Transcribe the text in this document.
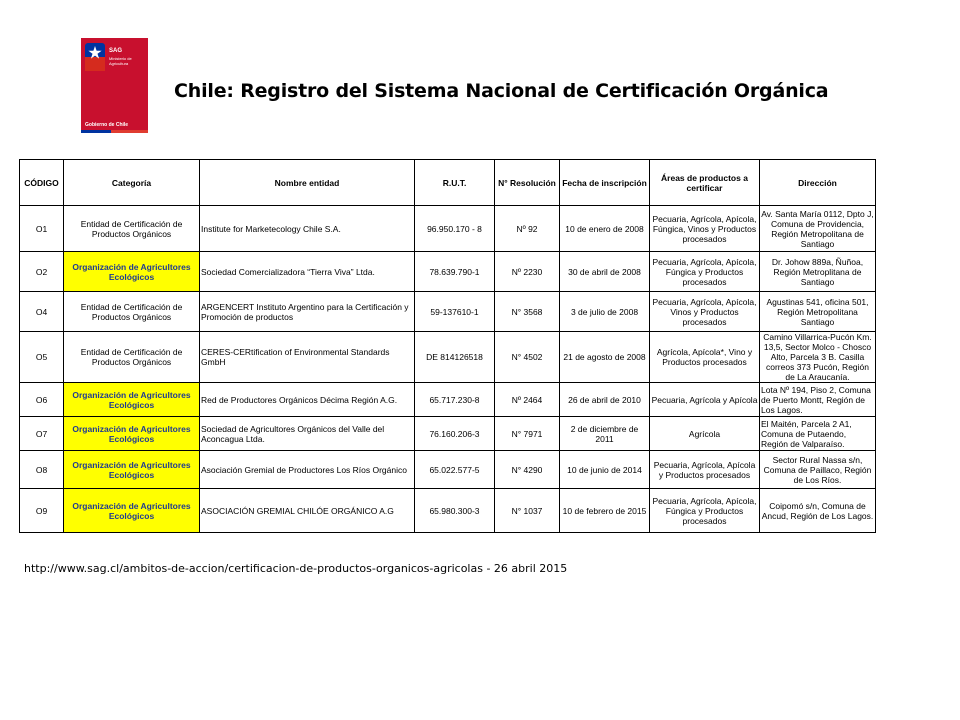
SAG
Ministerio de Agricultura
Gobierno de Chile
Chile: Registro del Sistema Nacional de Certificación Orgánica
CÓDIGO	Categoría	Nombre entidad	R.U.T.	N° Resolución	Fecha de inscripción	Áreas de productos a certificar	Dirección
O1	Entidad de Certificación de Productos Orgánicos	Institute for Marketecology Chile S.A.	96.950.170 - 8	Nº 92	10 de enero de 2008	Pecuaria, Agrícola, Apícola, Fúngica, Vinos y Productos procesados	Av. Santa María 0112, Dpto J, Comuna de Providencia, Región Metropolitana de Santiago
O2	Organización de Agricultores Ecológicos	Sociedad Comercializadora “Tierra Viva” Ltda.	78.639.790-1	Nº 2230	30 de abril de 2008	Pecuaria, Agrícola, Apícola, Fúngica y Productos procesados	Dr. Johow 889a, Ñuñoa, Región Metroplitana de Santiago
O4	Entidad de Certificación de Productos Orgánicos	ARGENCERT Instituto Argentino para la Certificación y Promoción de productos	59-137610-1	N° 3568	3 de julio de 2008	Pecuaria, Agrícola, Apícola, Vinos y Productos procesados	Agustinas 541, oficina 501, Región Metropolitana Santiago
O5	Entidad de Certificación de Productos Orgánicos	CERES-CERtification of Environmental Standards GmbH	DE 814126518	N° 4502	21 de agosto de 2008	Agrícola, Apícola*, Vino y Productos procesados	Camino Villarrica-Pucón Km. 13,5, Sector Molco - Chosco Alto, Parcela 3 B. Casilla correos 373 Pucón, Región de La Araucanía.
O6	Organización de Agricultores Ecológicos	Red de Productores Orgánicos Décima Región A.G.	65.717.230-8	Nº 2464	26 de abril de 2010	Pecuaria, Agrícola y Apícola	Lota Nº 194, Piso 2, Comuna de Puerto Montt, Región de Los Lagos.
O7	Organización de Agricultores Ecológicos	Sociedad de Agricultores Orgánicos del Valle del Aconcagua Ltda.	76.160.206-3	N° 7971	2 de diciembre de 2011	Agrícola	El Maitén, Parcela 2 A1, Comuna de Putaendo, Región de Valparaíso.
O8	Organización de Agricultores Ecológicos	Asociación Gremial de Productores Los Ríos Orgánico	65.022.577-5	N° 4290	10 de junio de 2014	Pecuaria, Agrícola, Apícola y Productos procesados	Sector Rural Nassa s/n, Comuna de Paillaco, Región de Los Ríos.
O9	Organización de Agricultores Ecológicos	ASOCIACIÓN GREMIAL CHILÓE ORGÁNICO A.G	65.980.300-3	N° 1037	10 de febrero de 2015	Pecuaria, Agrícola, Apícola, Fúngica y Productos procesados	Coipomó s/n, Comuna de Ancud, Región de Los Lagos.
http://www.sag.cl/ambitos-de-accion/certificacion-de-productos-organicos-agricolas - 26 abril 2015
